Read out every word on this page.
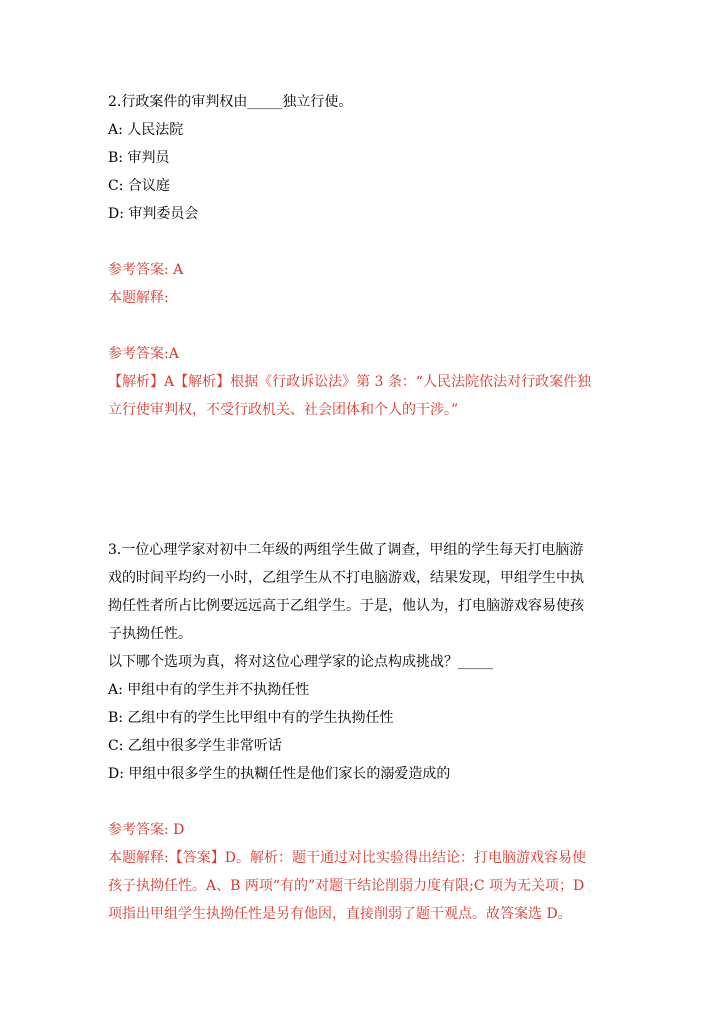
2.行政案件的审判权由_____独立行使。
A: 人民法院
B: 审判员
C: 合议庭
D: 审判委员会
参考答案: A
本题解释:
参考答案:A
【解析】A【解析】根据《行政诉讼法》第 3 条：“人民法院依法对行政案件独
立行使审判权，不受行政机关、社会团体和个人的干涉。”
3.一位心理学家对初中二年级的两组学生做了调查，甲组的学生每天打电脑游
戏的时间平均约一小时，乙组学生从不打电脑游戏，结果发现，甲组学生中执
拗任性者所占比例要远远高于乙组学生。于是，他认为，打电脑游戏容易使孩
子执拗任性。
以下哪个选项为真，将对这位心理学家的论点构成挑战？_____
A: 甲组中有的学生并不执拗任性
B: 乙组中有的学生比甲组中有的学生执拗任性
C: 乙组中很多学生非常听话
D: 甲组中很多学生的执糊任性是他们家长的溺爱造成的
参考答案: D
本题解释:【答案】D。解析：题干通过对比实验得出结论：打电脑游戏容易使
孩子执拗任性。A、B 两项“有的”对题干结论削弱力度有限;C 项为无关项；D
项指出甲组学生执拗任性是另有他因，直接削弱了题干观点。故答案选 D。
